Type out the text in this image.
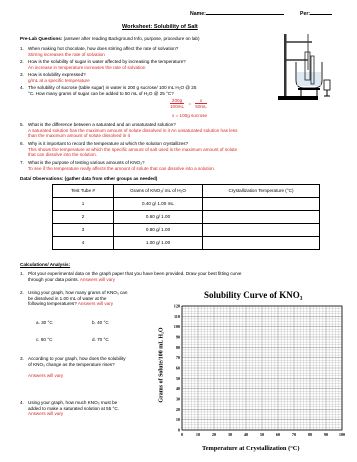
Name:	Per:
Worksheet: Solubility of Salt
Pre-Lab Questions: (answer after reading Background Info, purpose, procedure on lab)
1. When making hot chocolate, how does stirring affect the rate of solvation?
Stirring increases the rate of solvation
2. How is the solubility of sugar in water affected by increasing the temperature?
An increase in temperature increases the rate of solvation
3. How is solubility expressed?
g/mL at a specific temperature
4. The solubility of sucrose (table sugar) in water is 200 g sucrose/ 100 mL H₂O @ 25
°C. How many grams of sugar can be added to 50 mL of H₂O @ 25 °C?
$\frac{200g}{100mL} = \frac{x}{50mL}$
x = 100g sucrose
5. What is the difference between a saturated and an unsaturated solution?
A saturated solution has the maximum amount of solute dissolved in it An unsaturated solution has less
than the maximum amount of solute dissolved in it
6. Why is it important to record the temperature at which the solution crystallizes?
This shows the temperature at which the specific amount of salt used is the maximum amount of solute
that can dissolve into the solution.
7. What is the purpose of testing various amounts of KNO₃?
To see if the temperature really affects the amount of solute that can dissolve into a solution.
Data/ Observations: (gather data from other groups as needed)
Test Tube #	Grams of KNO₃/ mL of H₂O	Crystallization Temperature (°C)
1	0.40 g/ 1.00 mL	
2	0.60 g/ 1.00	
3	0.80 g/ 1.00	
4	1.00 g/ 1.00	
Calculations/ Analysis:
1. Plot your experimental data on the graph paper that you have been provided. Draw your best fitting curve
through your data points. Answers will vary
2. Using your graph, how many grams of KNO₃ can
be dissolved in 1.00 mL of water at the
following temperatures? Answers will vary
a. 30 °C	b. 40 °C
c. 60 °C	d. 70 °C
3. According to your graph, how does the solubility
of KNO₃ change as the temperature rises?

Answers will vary
4. Using your graph, how much KNO₃ must be
added to make a saturated solution at 55 °C.
Answers will vary
Solubility Curve of KNO₃
Grams of Solute/100 mL H₂O
Temperature at Crystallization (°C)
0	10	20	30	40	50	60	70	80	90	100
0
10
20
30
40
50
60
70
80
90
100
110
120
